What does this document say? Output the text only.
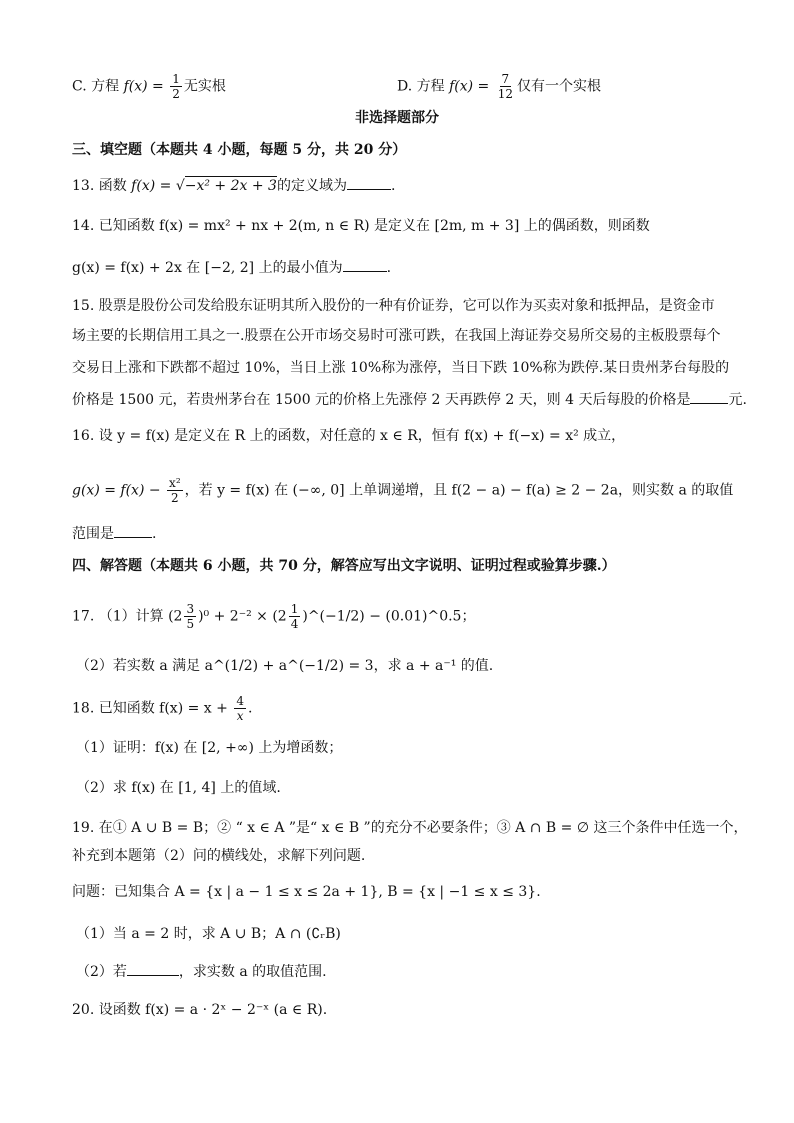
C. 方程 $f(x) = \frac{1}{2}$ 无实根	D. 方程 $f(x) = \frac{7}{12}$ 仅有一个实根
非选择题部分
三、填空题（本题共 4 小题，每题 5 分，共 20 分）
13. 函数 f(x) = √−x² + 2x + 3的定义域为	.
14. 已知函数 f(x) = mx² + nx + 2(m, n ∈ R) 是定义在 [2m, m + 3] 上的偶函数，则函数
g(x) = f(x) + 2x 在 [−2, 2] 上的最小值为	.
15. 股票是股份公司发给股东证明其所入股份的一种有价证券，它可以作为买卖对象和抵押品，是资金市
场主要的长期信用工具之一.股票在公开市场交易时可涨可跌，在我国上海证券交易所交易的主板股票每个
交易日上涨和下跌都不超过 10%，当日上涨 10%称为涨停，当日下跌 10%称为跌停.某日贵州茅台每股的
价格是 1500 元，若贵州茅台在 1500 元的价格上先涨停 2 天再跌停 2 天，则 4 天后每股的价格是	元.
16. 设 y = f(x) 是定义在 R 上的函数，对任意的 x ∈ R，恒有 f(x) + f(−x) = x² 成立，
$g(x) = f(x) - \frac{\text{x²}}{2}$ ，若 y = f(x) 在 (−∞, 0] 上单调递增，且 f(2 − a) − f(a) ≥ 2 − 2a，则实数 a 的取值
范围是	.
四、解答题（本题共 6 小题，共 70 分，解答应写出文字说明、证明过程或验算步骤.）
17. （1）计算 $(2 \frac{3}{5} )^0 + 2^{-2} \times (2 \frac{1}{4}$ )^(−1/2) − (0.01)^0.5；
（2）若实数 a 满足 a^(1/2) + a^(−1/2) = 3，求 a + a⁻¹ 的值.
18. 已知函数 $f(x) = x + \frac{4}{x}$ .
（1）证明：f(x) 在 [2, +∞) 上为增函数；
（2）求 f(x) 在 [1, 4] 上的值域.
19. 在① A ∪ B = B；② “ x ∈ A ”是“ x ∈ B ”的充分不必要条件；③ A ∩ B = ∅ 这三个条件中任选一个，
补充到本题第（2）问的横线处，求解下列问题.
问题：已知集合 A = {x | a − 1 ≤ x ≤ 2a + 1}, B = {x | −1 ≤ x ≤ 3}.
（1）当 a = 2 时，求 A ∪ B；A ∩ (∁ᵣB)
（2）若	，求实数 a 的取值范围.
20. 设函数 f(x) = a · 2ˣ − 2⁻ˣ (a ∈ R).
